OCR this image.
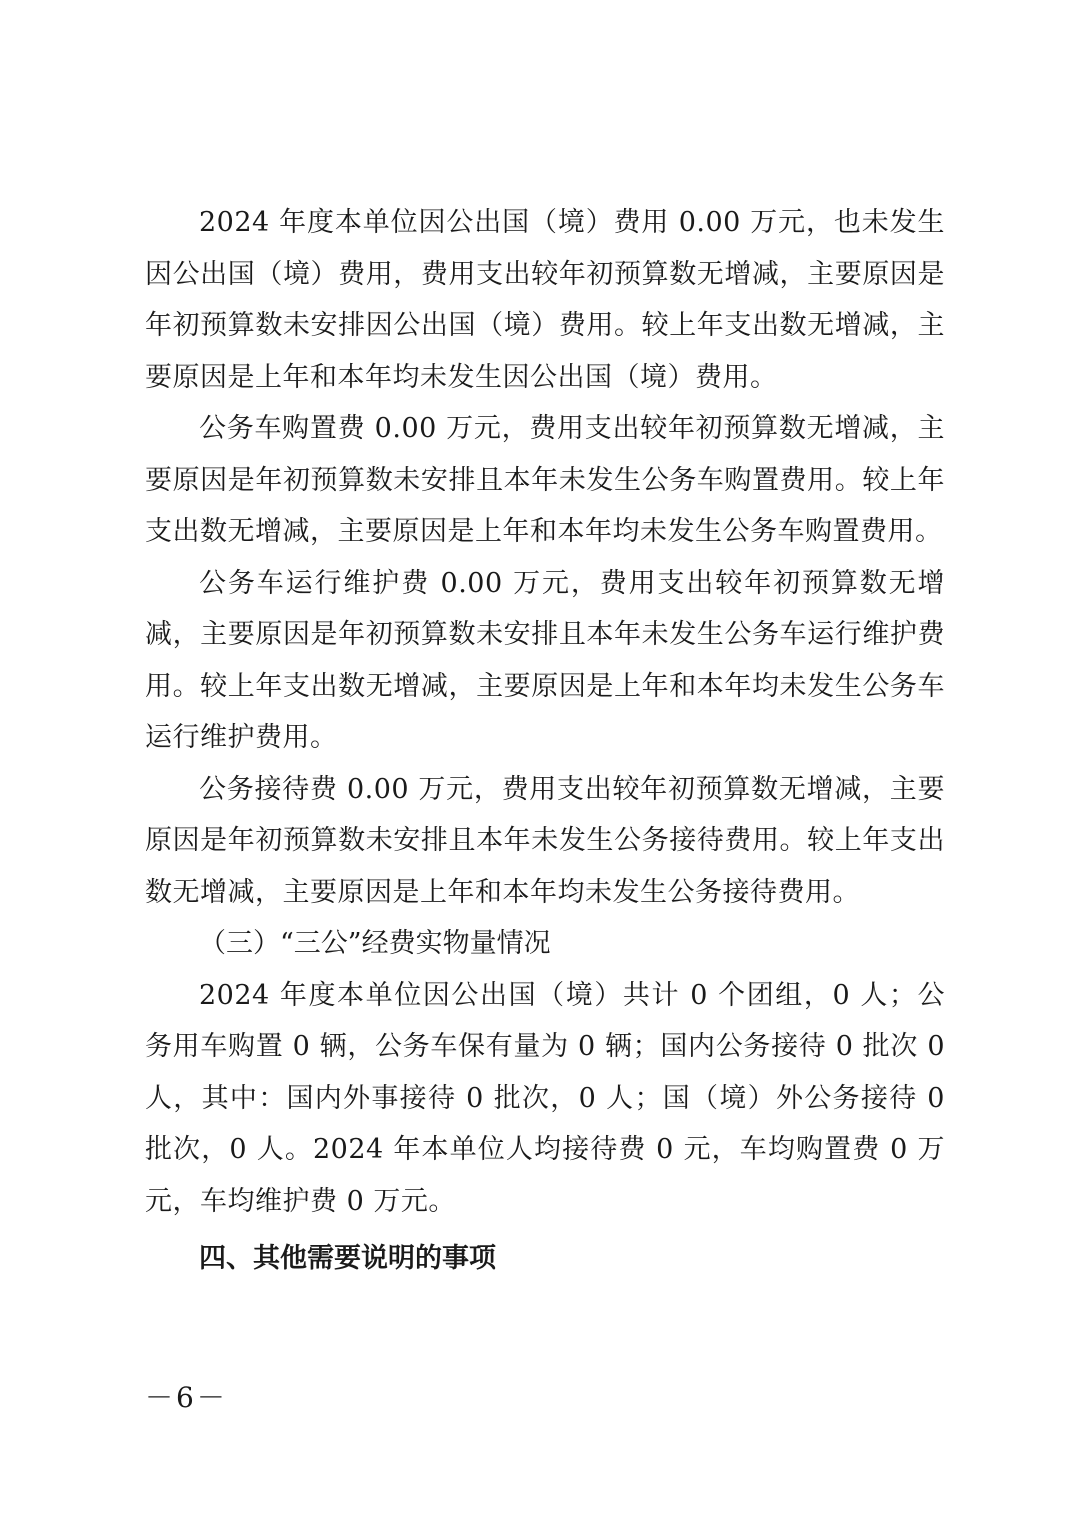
2024 年度本单位因公出国（境）费用 0.00 万元，也未发生因公出国（境）费用，费用支出较年初预算数无增减，主要原因是年初预算数未安排因公出国（境）费用。较上年支出数无增减，主要原因是上年和本年均未发生因公出国（境）费用。

公务车购置费 0.00 万元，费用支出较年初预算数无增减，主要原因是年初预算数未安排且本年未发生公务车购置费用。较上年支出数无增减，主要原因是上年和本年均未发生公务车购置费用。

公务车运行维护费 0.00 万元，费用支出较年初预算数无增减，主要原因是年初预算数未安排且本年未发生公务车运行维护费用。较上年支出数无增减，主要原因是上年和本年均未发生公务车运行维护费用。

公务接待费 0.00 万元，费用支出较年初预算数无增减，主要原因是年初预算数未安排且本年未发生公务接待费用。较上年支出数无增减，主要原因是上年和本年均未发生公务接待费用。

（三）“三公”经费实物量情况

2024 年度本单位因公出国（境）共计 0 个团组，0 人；公务用车购置 0 辆，公务车保有量为 0 辆；国内公务接待 0 批次 0 人，其中：国内外事接待 0 批次，0 人；国（境）外公务接待 0 批次，0 人。2024 年本单位人均接待费 0 元，车均购置费 0 万元，车均维护费 0 万元。

四、其他需要说明的事项

－6－
